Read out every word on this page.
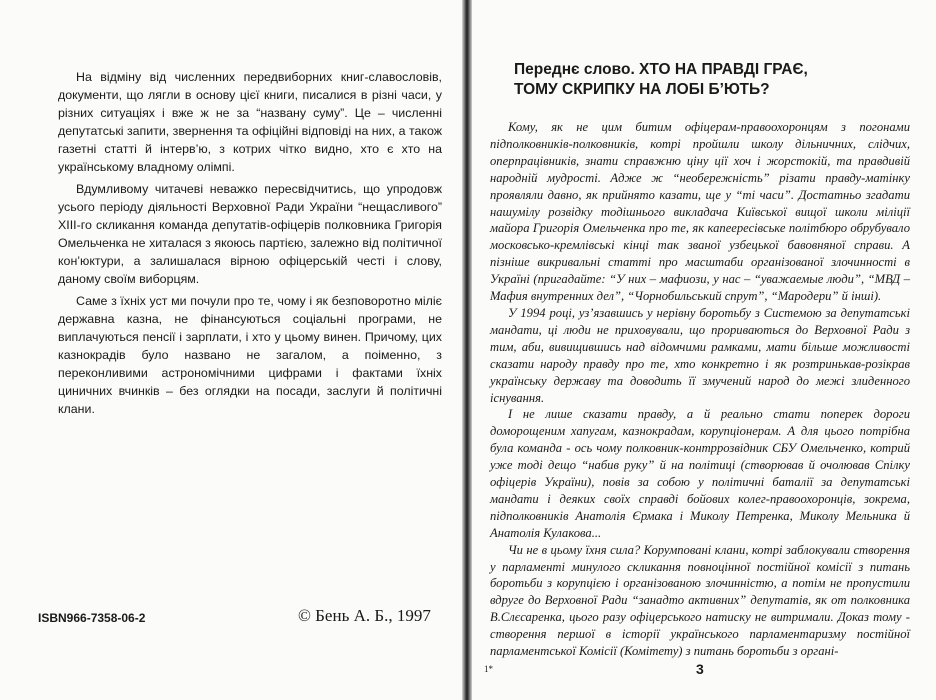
На відміну від численних передвиборних книг-славословів, документи, що лягли в основу цієї книги, писалися в різні часи, у різних ситуаціях і вже ж не за “названу суму”. Це – численні депутатські запити, звернення та офіційні відповіді на них, а також газетні статті й інтерв’ю, з котрих чітко видно, хто є хто на українському владному олімпі.

Вдумливому читачеві неважко пересвідчитись, що упродовж усього періоду діяльності Верховної Ради України “нещасливого” ХІІІ-го скликання команда депутатів-офіцерів полковника Григорія Омельченка не хиталася з якоюсь партією, залежно від політичної кон’юктури, а залишалася вірною офіцерській честі і слову, даному своїм виборцям.

Саме з їхніх уст ми почули про те, чому і як безповоротно міліє державна казна, не фінансуються соціальні програми, не виплачуються пенсії і зарплати, і хто у цьому винен. Причому, цих казнокрадів було названо не загалом, а поіменно, з переконливими астрономічними цифрами і фактами їхніх циничних вчинків – без оглядки на посади, заслуги й політичні клани.

ISBN966-7358-06-2	© Бень А. Б., 1997
Переднє слово. ХТО НА ПРАВДІ ГРАЄ,
ТОМУ СКРИПКУ НА ЛОБІ Б’ЮТЬ?

Кому, як не цим битим офіцерам-правоохоронцям з погонами підполковників-полковників, котрі пройшли школу дільничних, слідчих, оперпрацівників, знати справжню ціну ції хоч і жорстокій, та правдивій народній мудрості. Адже ж “необережність” різати правду-матінку проявляли давно, як прийнято казати, ще у “ті часи”. Достатньо згадати нашумілу розвідку тодішнього викладача Київської вищої школи міліції майора Григорія Омельченка про те, як капеересівське політбюро обрубувало московсько-кремлівські кінці так званої узбецької бавовняної справи. А пізніше викривальні статті про масштаби організованої злочинності в Україні (пригадайте: “У них – мафиози, у нас – “уважаемые люди”, “МВД – Мафия внутренних дел”, “Чорнобильський спрут”, “Мародери” й інші).

У 1994 році, уз’язавшись у нерівну боротьбу з Системою за депутатські мандати, ці люди не приховували, що прориваються до Верховної Ради з тим, аби, вивищившись над відомчими рамками, мати більше можливості сказати народу правду про те, хто конкретно і як розтринькав-розікрав українську державу та доводить її змучений народ до межі злиденного існування.

І не лише сказати правду, а й реально стати поперек дороги доморощеним хапугам, казнокрадам, корупціонерам. А для цього потрібна була команда - ось чому полковник-контррозвідник СБУ Омельченко, котрий уже тоді дещо “набив руку” й на політиці (створював й очолював Спілку офіцерів України), повів за собою у політичні баталії за депутатські мандати і деяких своїх справді бойових колег-правоохоронців, зокрема, підполковників Анатолія Єрмака і Миколу Петренка, Миколу Мельника й Анатолія Кулакова...

Чи не в цьому їхня сила? Корумповані клани, котрі заблокували створення у парламенті минулого скликання повноцінної постійної комісії з питань боротьби з корупцією і організованою злочинністю, а потім не пропустили вдруге до Верховної Ради “занадто активних” депутатів, як от полковника В.Слєсаренка, цього разу офіцерського натиску не витримали. Доказ тому - створення першої в історії українського парламентаризму постійної парламентської Комісії (Комітету) з питань боротьби з органі-

1*	3
